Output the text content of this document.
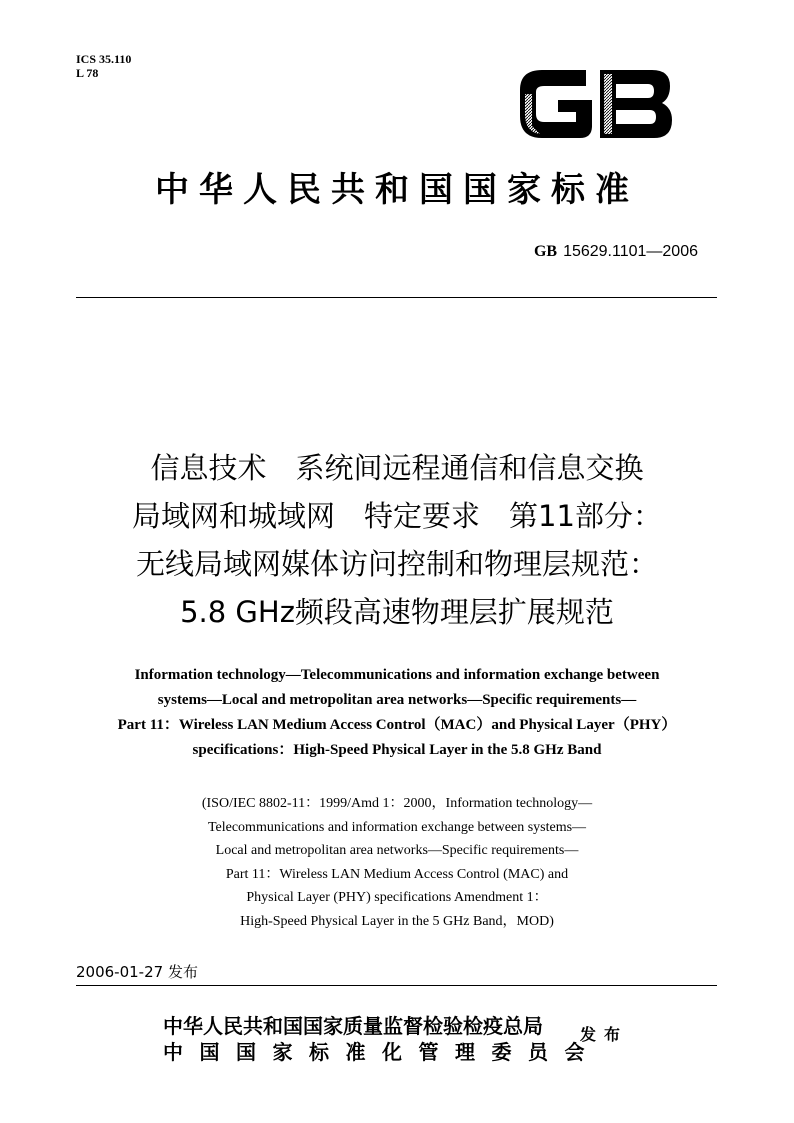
ICS 35.110
L 78
中华人民共和国国家标准
GB 15629.1101—2006
信息技术　系统间远程通信和信息交换
局域网和城域网　特定要求　第11部分：
无线局域网媒体访问控制和物理层规范：
5.8 GHz频段高速物理层扩展规范
Information technology—Telecommunications and information exchange between
systems—Local and metropolitan area networks—Specific requirements—
Part 11：Wireless LAN Medium Access Control（MAC）and Physical Layer（PHY）
specifications：High-Speed Physical Layer in the 5.8 GHz Band
(ISO/IEC 8802-11：1999/Amd 1：2000，Information technology—
Telecommunications and information exchange between systems—
Local and metropolitan area networks—Specific requirements—
Part 11：Wireless LAN Medium Access Control (MAC) and
Physical Layer (PHY) specifications Amendment 1：
High-Speed Physical Layer in the 5 GHz Band，MOD)
2006-01-27 发布
中华人民共和国国家质量监督检验检疫总局
中国国家标准化管理委员会
发布
